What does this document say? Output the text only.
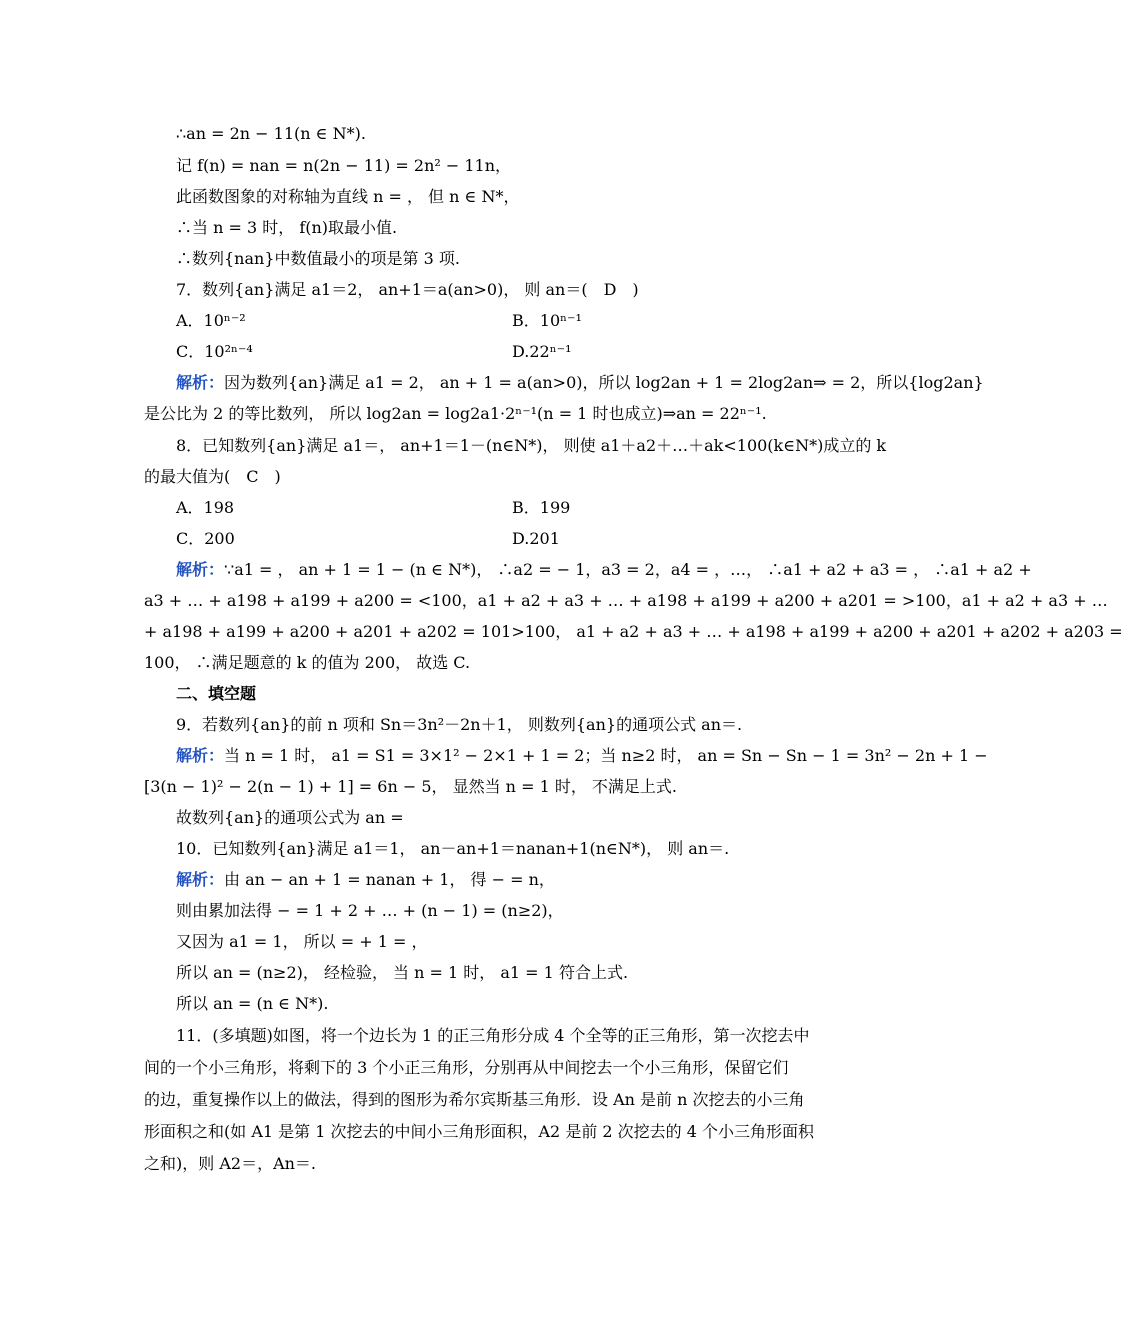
∴an = 2n − 11(n ∈ N*).
记 f(n) = nan = n(2n − 11) = 2n² − 11n，
此函数图象的对称轴为直线 n = ， 但 n ∈ N*，
∴当 n = 3 时， f(n)取最小值.
∴数列{nan}中数值最小的项是第 3 项.
7．数列{an}满足 a1＝2， an+1＝a(an>0)， 则 an＝(　D　)
A．10ⁿ⁻²	B．10ⁿ⁻¹
C．10²ⁿ⁻⁴	D.22ⁿ⁻¹
解析：因为数列{an}满足 a1 = 2， an + 1 = a(an>0)，所以 log2an + 1 = 2log2an⇒ = 2，所以{log2an}
是公比为 2 的等比数列， 所以 log2an = log2a1·2ⁿ⁻¹(n = 1 时也成立)⇒an = 22ⁿ⁻¹.
8．已知数列{an}满足 a1＝， an+1＝1－(n∈N*)， 则使 a1＋a2＋…＋ak<100(k∈N*)成立的 k
的最大值为(　C　)
A．198	B．199
C．200	D.201
解析：∵a1 = ， an + 1 = 1 − (n ∈ N*)， ∴a2 = − 1，a3 = 2，a4 = ，…， ∴a1 + a2 + a3 = ， ∴a1 + a2 +
a3 + … + a198 + a199 + a200 = <100，a1 + a2 + a3 + … + a198 + a199 + a200 + a201 = >100，a1 + a2 + a3 + …
+ a198 + a199 + a200 + a201 + a202 = 101>100， a1 + a2 + a3 + … + a198 + a199 + a200 + a201 + a202 + a203 =
100， ∴满足题意的 k 的值为 200， 故选 C.
二、填空题
9．若数列{an}的前 n 项和 Sn＝3n²－2n＋1， 则数列{an}的通项公式 an＝.
解析：当 n = 1 时， a1 = S1 = 3×1² − 2×1 + 1 = 2；当 n≥2 时， an = Sn − Sn − 1 = 3n² − 2n + 1 −
[3(n − 1)² − 2(n − 1) + 1] = 6n − 5， 显然当 n = 1 时， 不满足上式.
故数列{an}的通项公式为 an =
10．已知数列{an}满足 a1＝1， an－an+1＝nanan+1(n∈N*)， 则 an＝.
解析：由 an − an + 1 = nanan + 1， 得 − = n，
则由累加法得 − = 1 + 2 + … + (n − 1) = (n≥2)，
又因为 a1 = 1， 所以 = + 1 = ，
所以 an = (n≥2)， 经检验， 当 n = 1 时， a1 = 1 符合上式.
所以 an = (n ∈ N*).
11．(多填题)如图，将一个边长为 1 的正三角形分成 4 个全等的正三角形，第一次挖去中
间的一个小三角形，将剩下的 3 个小正三角形，分别再从中间挖去一个小三角形，保留它们
的边，重复操作以上的做法，得到的图形为希尔宾斯基三角形．设 An 是前 n 次挖去的小三角
形面积之和(如 A1 是第 1 次挖去的中间小三角形面积，A2 是前 2 次挖去的 4 个小三角形面积
之和)，则 A2＝，An＝.
